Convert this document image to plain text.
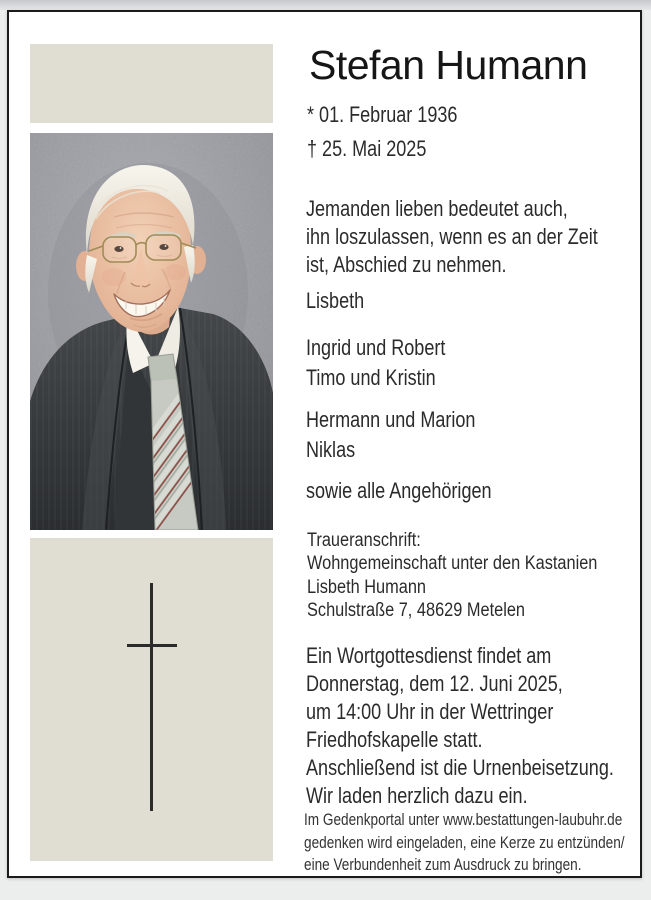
Stefan Humann
* 01. Februar 1936
† 25. Mai 2025
Jemanden lieben bedeutet auch,
ihn loszulassen, wenn es an der Zeit
ist, Abschied zu nehmen.
Lisbeth
Ingrid und Robert
Timo und Kristin
Hermann und Marion
Niklas
sowie alle Angehörigen
Traueranschrift:
Wohngemeinschaft unter den Kastanien
Lisbeth Humann
Schulstraße 7, 48629 Metelen
Ein Wortgottesdienst findet am
Donnerstag, dem 12. Juni 2025,
um 14:00 Uhr in der Wettringer
Friedhofskapelle statt.
Anschließend ist die Urnenbeisetzung.
Wir laden herzlich dazu ein.
Im Gedenkportal unter www.bestattungen-laubuhr.de
gedenken wird eingeladen, eine Kerze zu entzünden/
eine Verbundenheit zum Ausdruck zu bringen.
